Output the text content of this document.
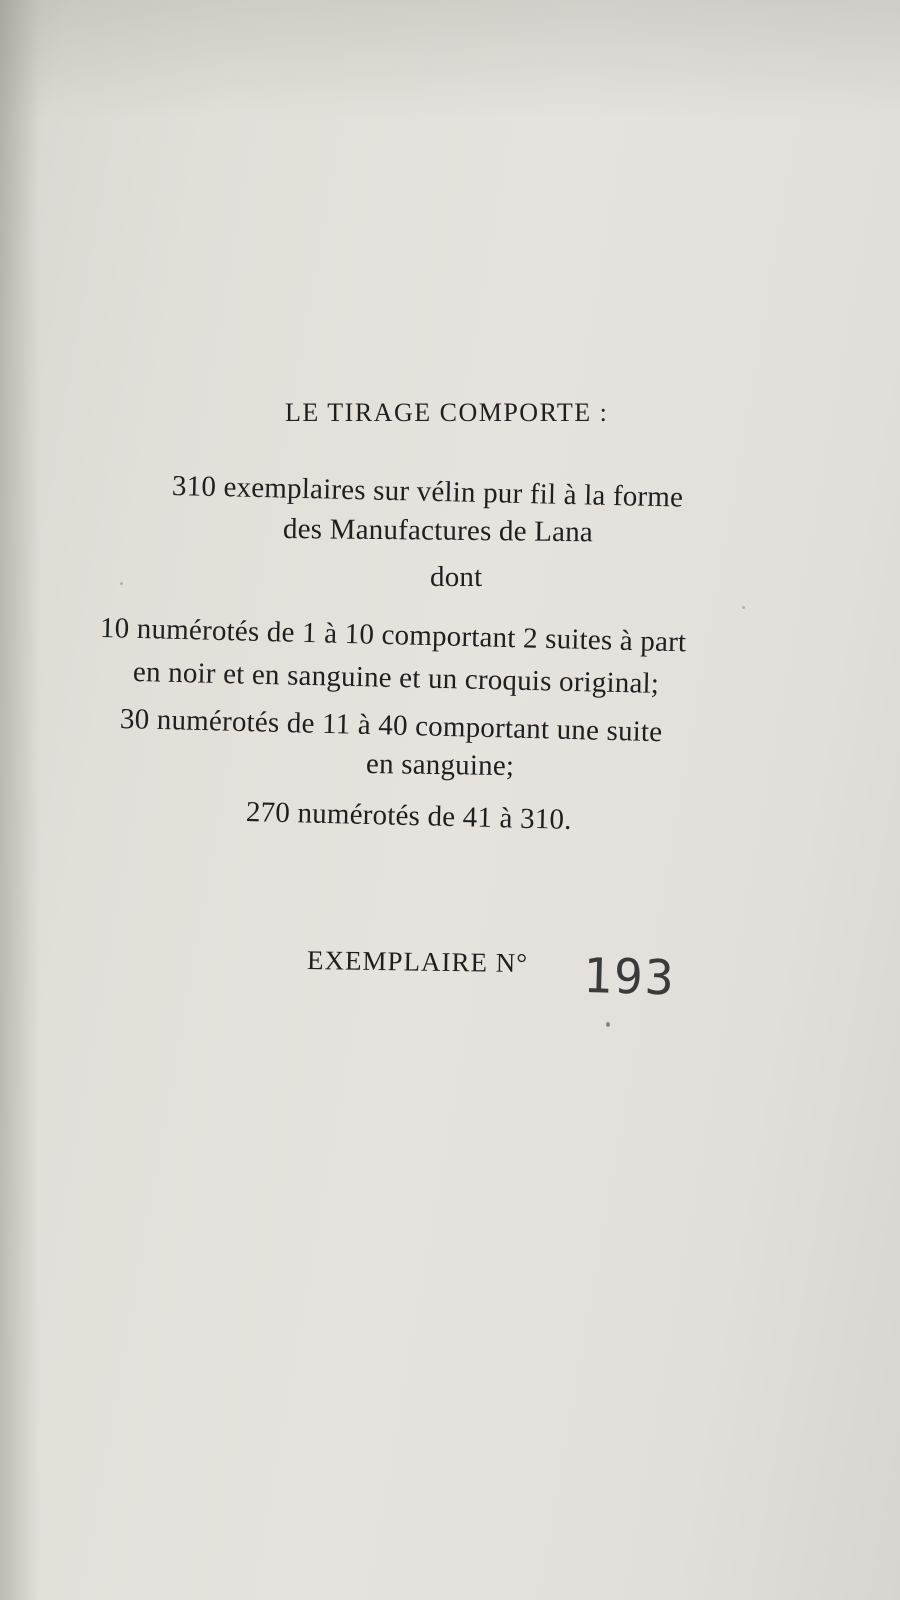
LE TIRAGE COMPORTE :
310 exemplaires sur vélin pur fil à la forme
des Manufactures de Lana
dont
10 numérotés de 1 à 10 comportant 2 suites à part
en noir et en sanguine et un croquis original;
30 numérotés de 11 à 40 comportant une suite
en sanguine;
270 numérotés de 41 à 310.
EXEMPLAIRE N° 193
